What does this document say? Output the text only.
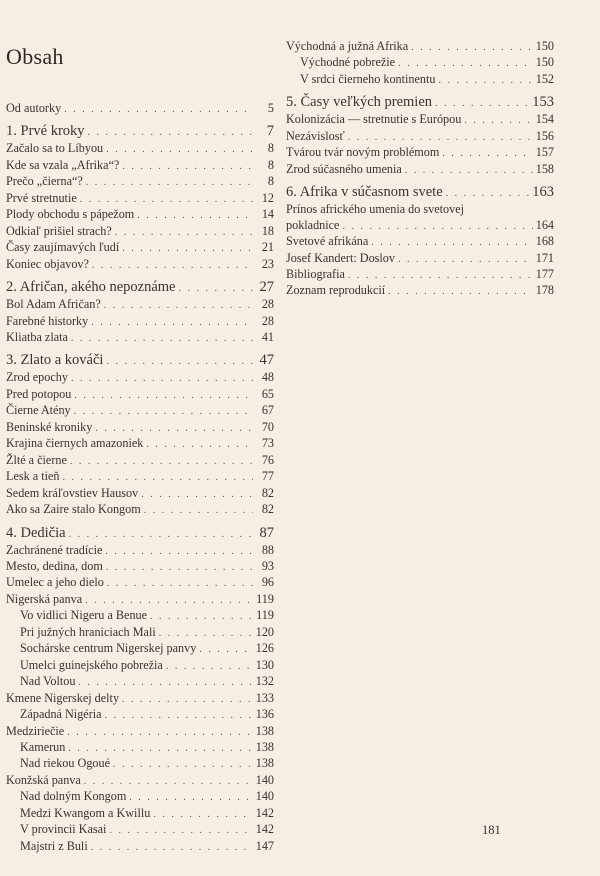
Obsah
Od autorky . . .	5
1. Prvé kroky . . .	7
Začalo sa to Líbyou . . .	8
Kde sa vzala „Afrika“? . . .	8
Prečo „čierna“? . . .	8
Prvé stretnutie . . .	12
Plody obchodu s pápežom . . .	14
Odkiaľ prišiel strach? . . .	18
Časy zaujímavých ľudí . . .	21
Koniec objavov? . . .	23
2. Afričan, akého nepoznáme . . .	27
Bol Adam Afričan? . . .	28
Farebné historky . . .	28
Kliatba zlata . . .	41
3. Zlato a kováči . . .	47
Zrod epochy . . .	48
Pred potopou . . .	65
Čierne Atény . . .	67
Beninské kroniky . . .	70
Krajina čiernych amazoniek . . .	73
Žlté a čierne . . .	76
Lesk a tieň . . .	77
Sedem kráľovstiev Hausov . . .	82
Ako sa Zaire stalo Kongom . . .	82
4. Dedičia . . .	87
Zachránené tradície . . .	88
Mesto, dedina, dom . . .	93
Umelec a jeho dielo . . .	96
Nigerská panva . . .	119
Vo vidlici Nigeru a Benue . . .	119
Pri južných hraniciach Mali . . .	120
Sochárske centrum Nigerskej panvy . . .	126
Umelci guinejského pobrežia . . .	130
Nad Voltou . . .	132
Kmene Nigerskej delty . . .	133
Západná Nigéria . . .	136
Medziriečie . . .	138
Kamerun . . .	138
Nad riekou Ogoué . . .	138
Konžská panva . . .	140
Nad dolným Kongom . . .	140
Medzi Kwangom a Kwillu . . .	142
V provincii Kasai . . .	142
Majstri z Buli . . .	147
Východná a južná Afrika . . .	150
Východné pobrežie . . .	150
V srdci čierneho kontinentu . . .	152
5. Časy veľkých premien . . .	153
Kolonizácia — stretnutie s Európou . . .	154
Nezávislosť . . .	156
Tvárou tvár novým problémom . . .	157
Zrod súčasného umenia . . .	158
6. Afrika v súčasnom svete . . .	163
Prínos afrického umenia do svetovej
pokladnice . . .	164
Svetové afrikána . . .	168
Josef Kandert: Doslov . . .	171
Bibliografia . . .	177
Zoznam reprodukcií . . .	178
181
